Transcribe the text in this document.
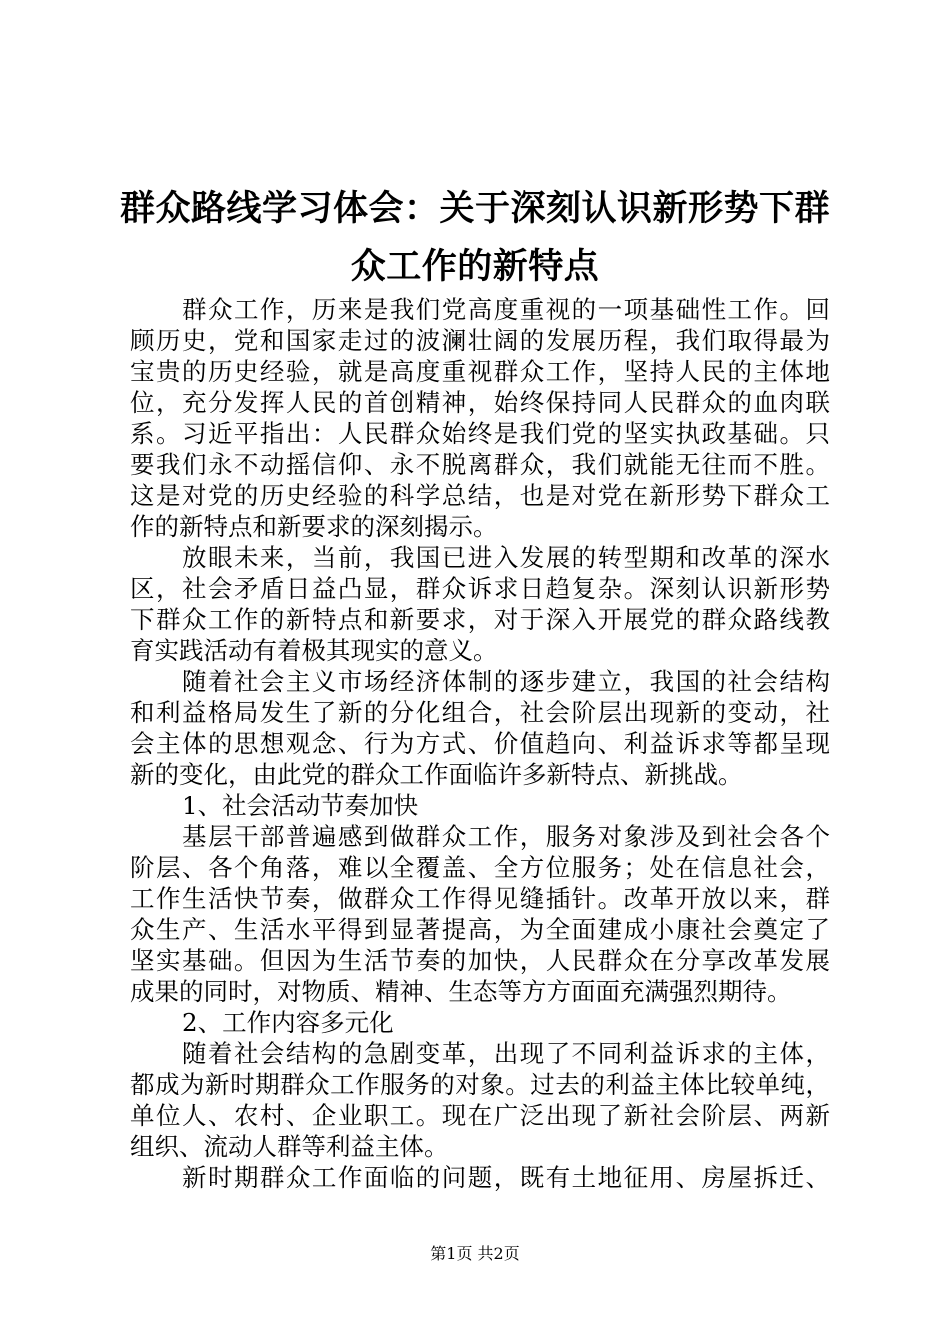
群众路线学习体会：关于深刻认识新形势下群
众工作的新特点
群众工作，历来是我们党高度重视的一项基础性工作。回
顾历史，党和国家走过的波澜壮阔的发展历程，我们取得最为
宝贵的历史经验，就是高度重视群众工作，坚持人民的主体地
位，充分发挥人民的首创精神，始终保持同人民群众的血肉联
系。习近平指出：人民群众始终是我们党的坚实执政基础。只
要我们永不动摇信仰、永不脱离群众，我们就能无往而不胜。
这是对党的历史经验的科学总结，也是对党在新形势下群众工
作的新特点和新要求的深刻揭示。
放眼未来，当前，我国已进入发展的转型期和改革的深水
区，社会矛盾日益凸显，群众诉求日趋复杂。深刻认识新形势
下群众工作的新特点和新要求，对于深入开展党的群众路线教
育实践活动有着极其现实的意义。
随着社会主义市场经济体制的逐步建立，我国的社会结构
和利益格局发生了新的分化组合，社会阶层出现新的变动，社
会主体的思想观念、行为方式、价值趋向、利益诉求等都呈现
新的变化，由此党的群众工作面临许多新特点、新挑战。
1、社会活动节奏加快
基层干部普遍感到做群众工作，服务对象涉及到社会各个
阶层、各个角落，难以全覆盖、全方位服务；处在信息社会，
工作生活快节奏，做群众工作得见缝插针。改革开放以来，群
众生产、生活水平得到显著提高，为全面建成小康社会奠定了
坚实基础。但因为生活节奏的加快，人民群众在分享改革发展
成果的同时，对物质、精神、生态等方方面面充满强烈期待。
2、工作内容多元化
随着社会结构的急剧变革，出现了不同利益诉求的主体，
都成为新时期群众工作服务的对象。过去的利益主体比较单纯，
单位人、农村、企业职工。现在广泛出现了新社会阶层、两新
组织、流动人群等利益主体。
新时期群众工作面临的问题，既有土地征用、房屋拆迁、
第1页 共2页
